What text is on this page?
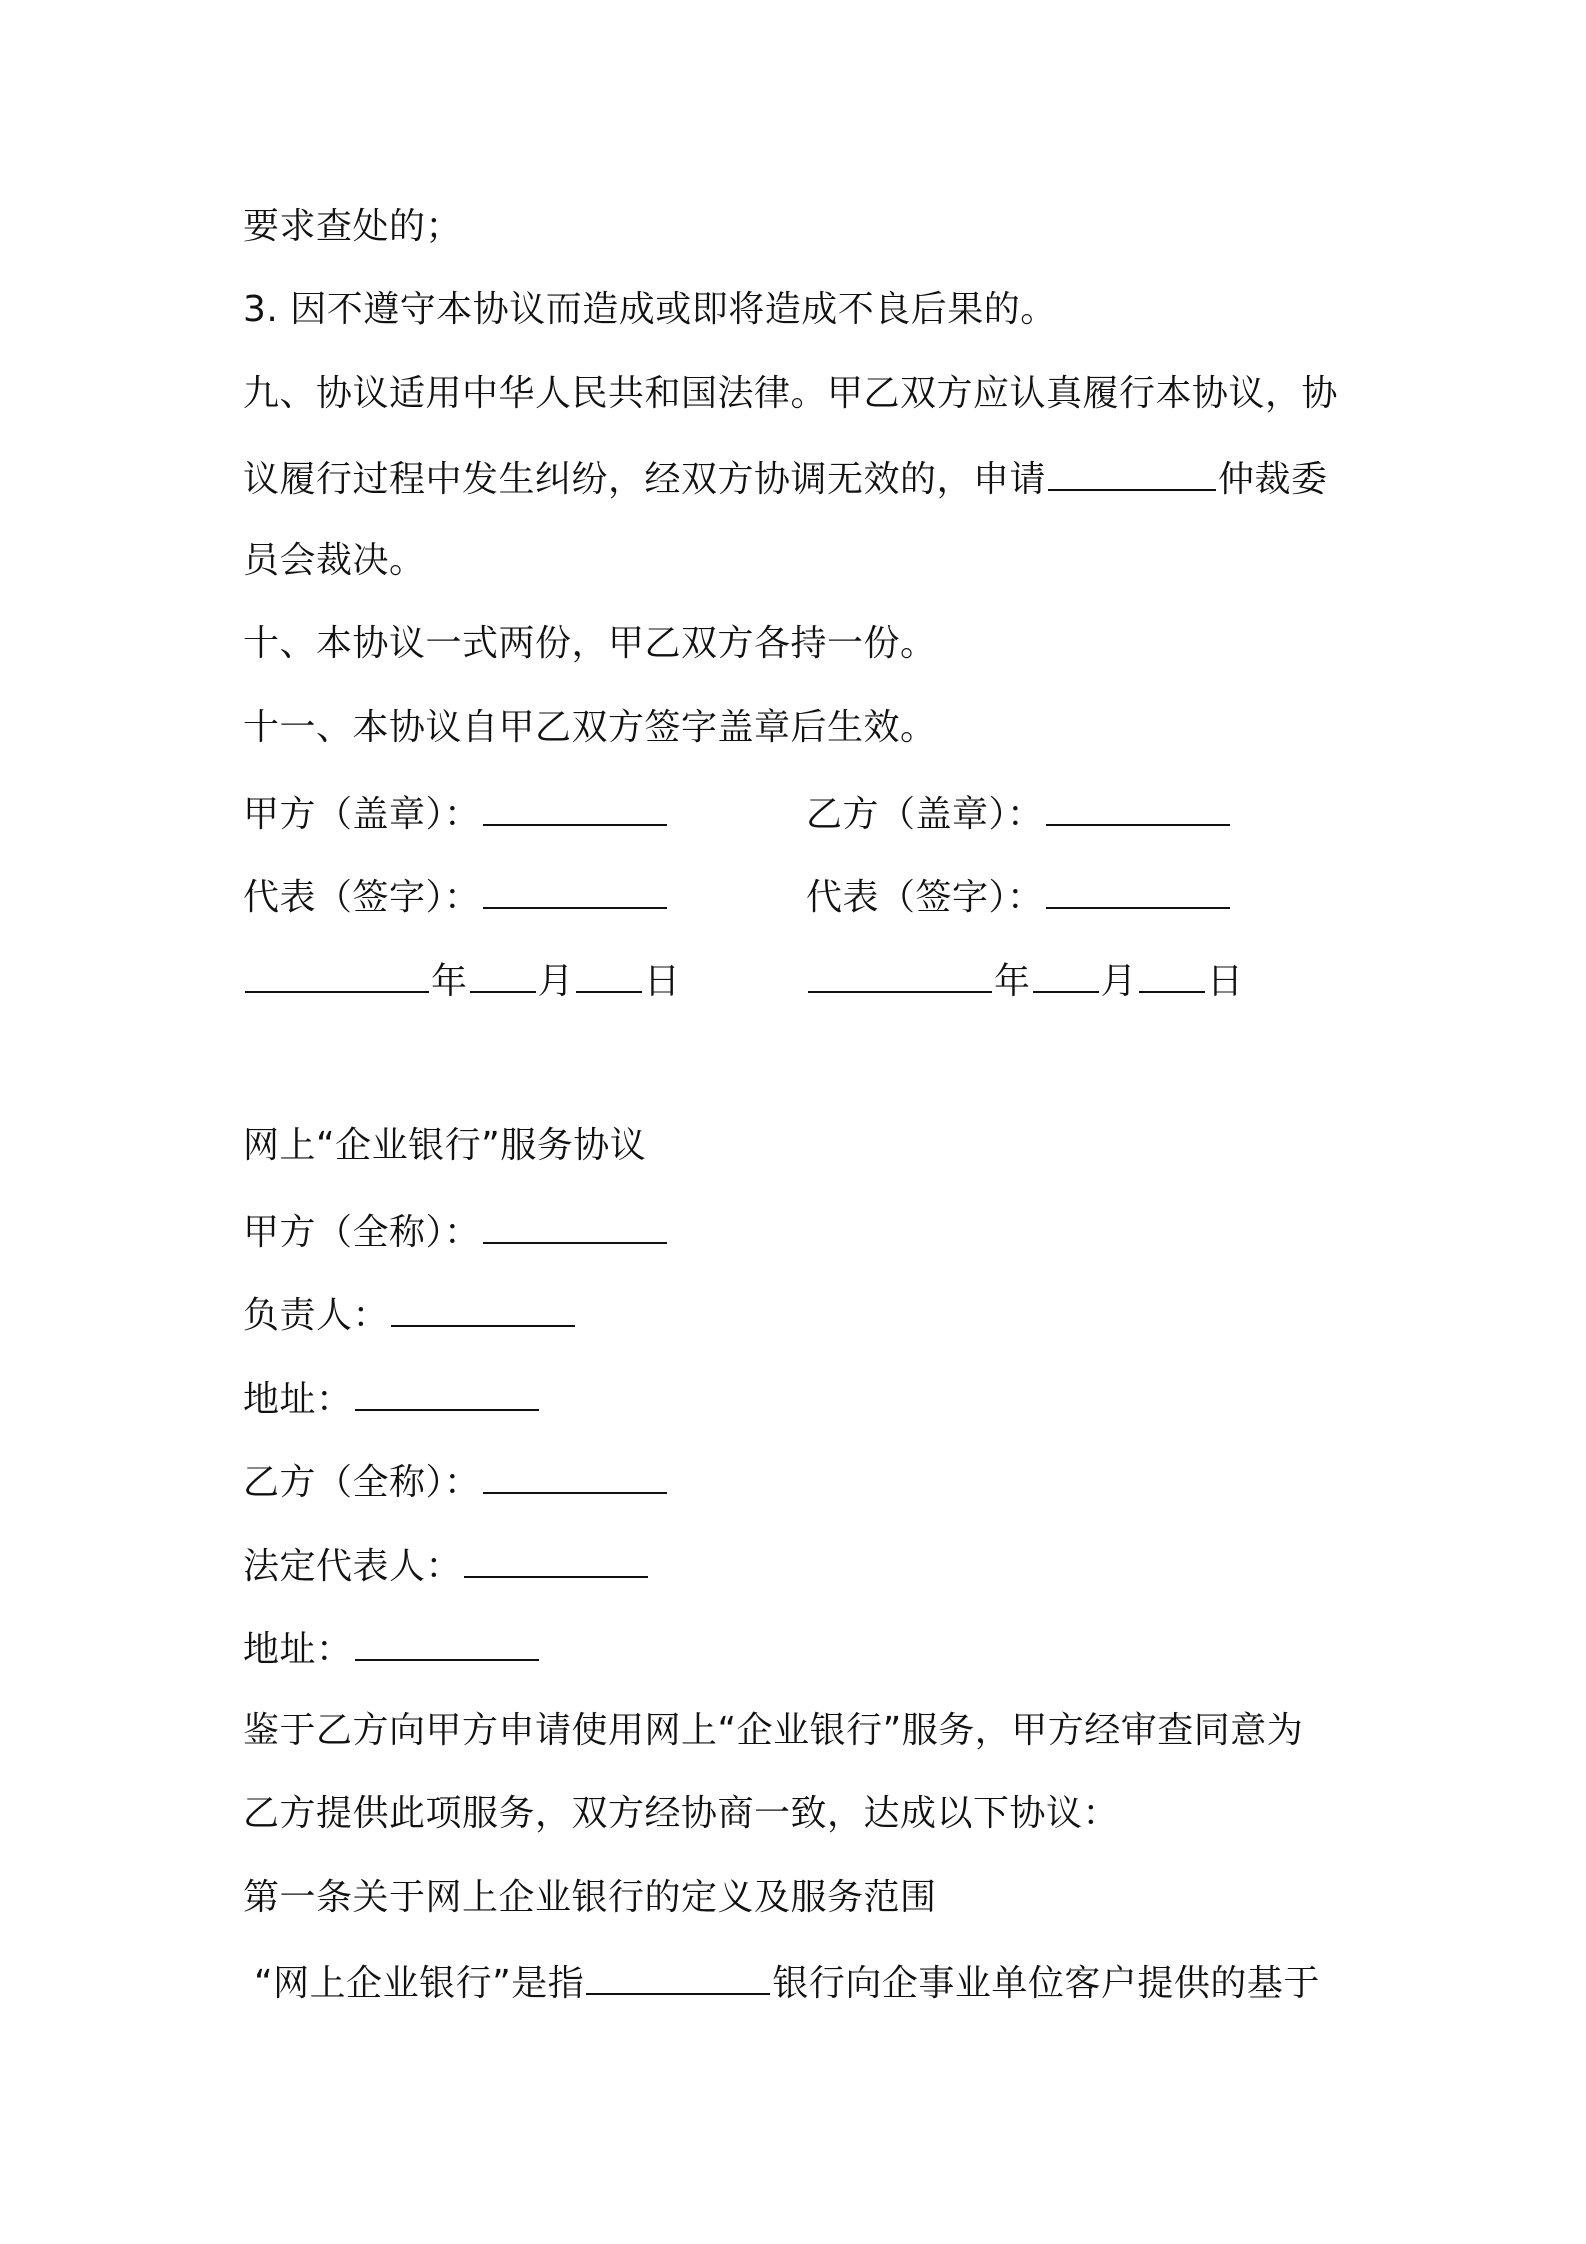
要求查处的；
3. 因不遵守本协议而造成或即将造成不良后果的。
九、协议适用中华人民共和国法律。甲乙双方应认真履行本协议，协
议履行过程中发生纠纷，经双方协调无效的，申请	仲裁委
员会裁决。
十、本协议一式两份，甲乙双方各持一份。
十一、本协议自甲乙双方签字盖章后生效。
甲方（盖章）：	乙方（盖章）：
代表（签字）：	代表（签字）：
年 月 日	年 月 日
网上“企业银行”服务协议
甲方（全称）：
负责人：
地址：
乙方（全称）：
法定代表人：
地址：
鉴于乙方向甲方申请使用网上“企业银行”服务，甲方经审查同意为
乙方提供此项服务，双方经协商一致，达成以下协议：
第一条关于网上企业银行的定义及服务范围
“网上企业银行”是指	银行向企事业单位客户提供的基于
